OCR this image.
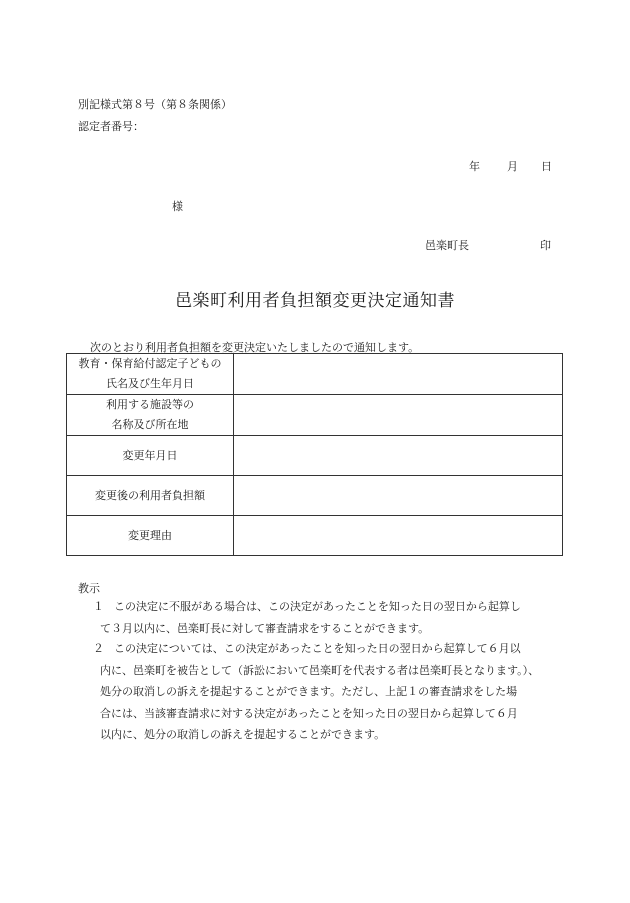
別記様式第８号（第８条関係）
認定者番号：
年 月 日
様
邑楽町長	印
邑楽町利用者負担額変更決定通知書
次のとおり利用者負担額を変更決定いたしましたので通知します。
教育・保育給付認定子どもの
氏名及び生年月日	

利用する施設等の
名称及び所在地	

変更年月日	

変更後の利用者負担額	

変更理由	

教示
１ この決定に不服がある場合は、この決定があったことを知った日の翌日から起算し
て３月以内に、邑楽町長に対して審査請求をすることができます。
２ この決定については、この決定があったことを知った日の翌日から起算して６月以
内に、邑楽町を被告として（訴訟において邑楽町を代表する者は邑楽町長となります。）、
処分の取消しの訴えを提起することができます。ただし、上記１の審査請求をした場
合には、当該審査請求に対する決定があったことを知った日の翌日から起算して６月
以内に、処分の取消しの訴えを提起することができます。
